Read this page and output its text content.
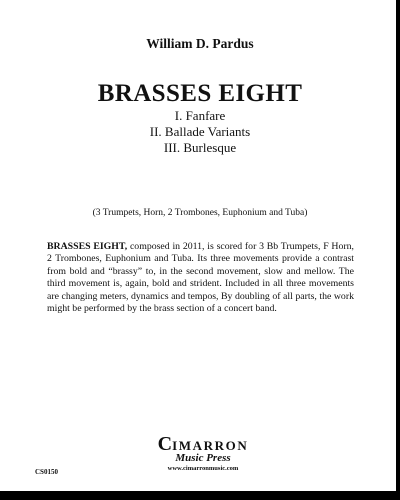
William D. Pardus
BRASSES EIGHT
I. Fanfare
II. Ballade Variants
III. Burlesque
(3 Trumpets, Horn, 2 Trombones, Euphonium and Tuba)

BRASSES EIGHT, composed in 2011, is scored for 3 Bb Trumpets, F Horn, 2 Trombones, Euphonium and Tuba. Its three movements provide a contrast from bold and “brassy” to, in the second movement, slow and mellow. The third movement is, again, bold and strident. Included in all three movements are changing meters, dynamics and tempos, By doubling of all parts, the work might be performed by the brass section of a concert band.

CIMARRON
Music Press
www.cimarronmusic.com
CS0150
